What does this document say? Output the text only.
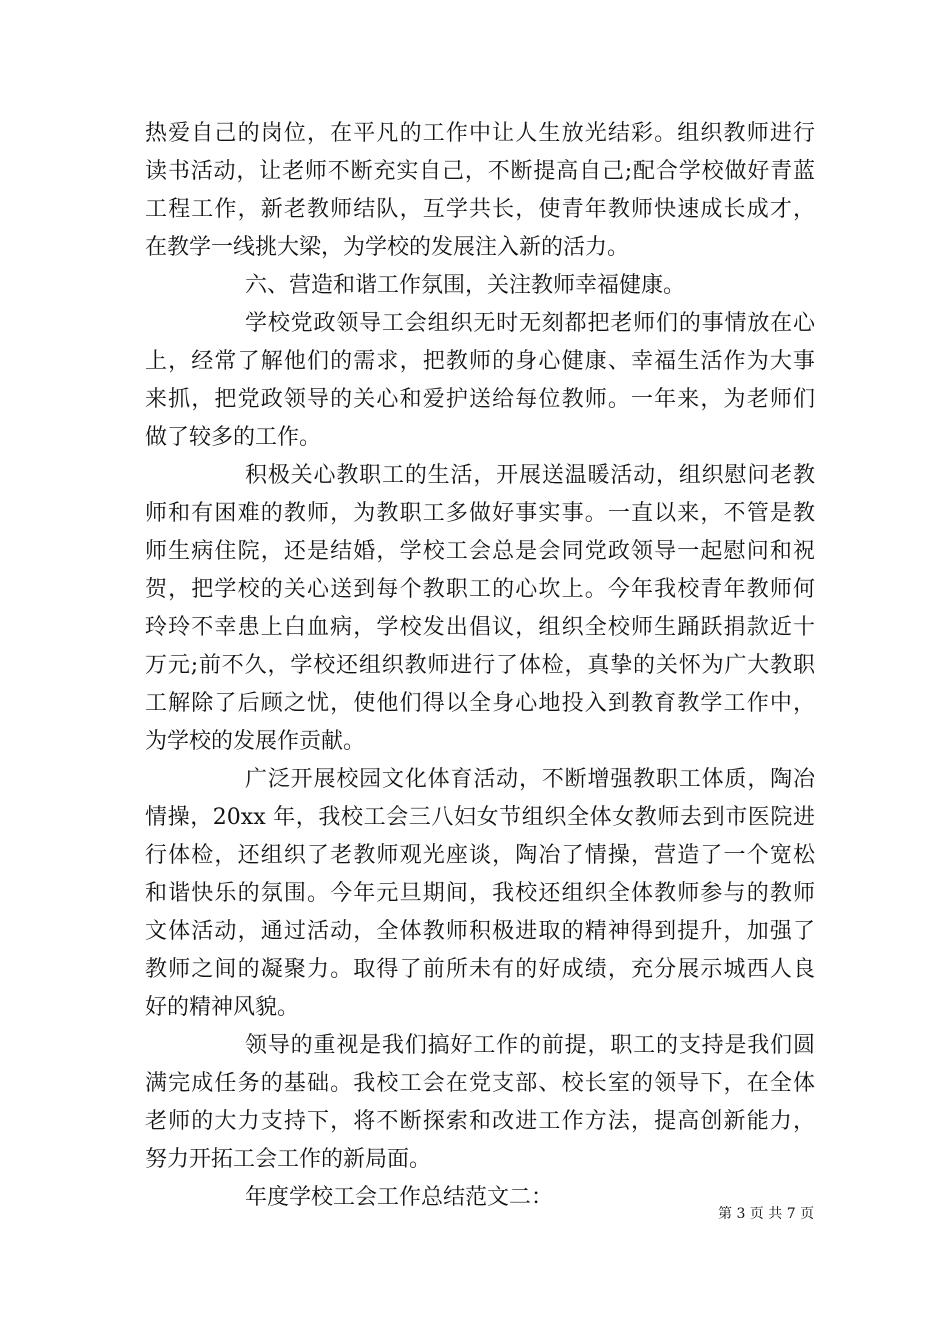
热爱自己的岗位，在平凡的工作中让人生放光结彩。组织教师进行
读书活动，让老师不断充实自己，不断提高自己;配合学校做好青蓝
工程工作，新老教师结队，互学共长，使青年教师快速成长成才，
在教学一线挑大梁，为学校的发展注入新的活力。
六、营造和谐工作氛围，关注教师幸福健康。
学校党政领导工会组织无时无刻都把老师们的事情放在心
上，经常了解他们的需求，把教师的身心健康、幸福生活作为大事
来抓，把党政领导的关心和爱护送给每位教师。一年来，为老师们
做了较多的工作。
积极关心教职工的生活，开展送温暖活动，组织慰问老教
师和有困难的教师，为教职工多做好事实事。一直以来，不管是教
师生病住院，还是结婚，学校工会总是会同党政领导一起慰问和祝
贺，把学校的关心送到每个教职工的心坎上。今年我校青年教师何
玲玲不幸患上白血病，学校发出倡议，组织全校师生踊跃捐款近十
万元;前不久，学校还组织教师进行了体检，真挚的关怀为广大教职
工解除了后顾之忧，使他们得以全身心地投入到教育教学工作中，
为学校的发展作贡献。
广泛开展校园文化体育活动，不断增强教职工体质，陶冶
情操，20xx 年，我校工会三八妇女节组织全体女教师去到市医院进
行体检，还组织了老教师观光座谈，陶冶了情操，营造了一个宽松
和谐快乐的氛围。今年元旦期间，我校还组织全体教师参与的教师
文体活动，通过活动，全体教师积极进取的精神得到提升，加强了
教师之间的凝聚力。取得了前所未有的好成绩，充分展示城西人良
好的精神风貌。
领导的重视是我们搞好工作的前提，职工的支持是我们圆
满完成任务的基础。我校工会在党支部、校长室的领导下，在全体
老师的大力支持下，将不断探索和改进工作方法，提高创新能力，
努力开拓工会工作的新局面。
年度学校工会工作总结范文二：
第 3 页 共 7 页
